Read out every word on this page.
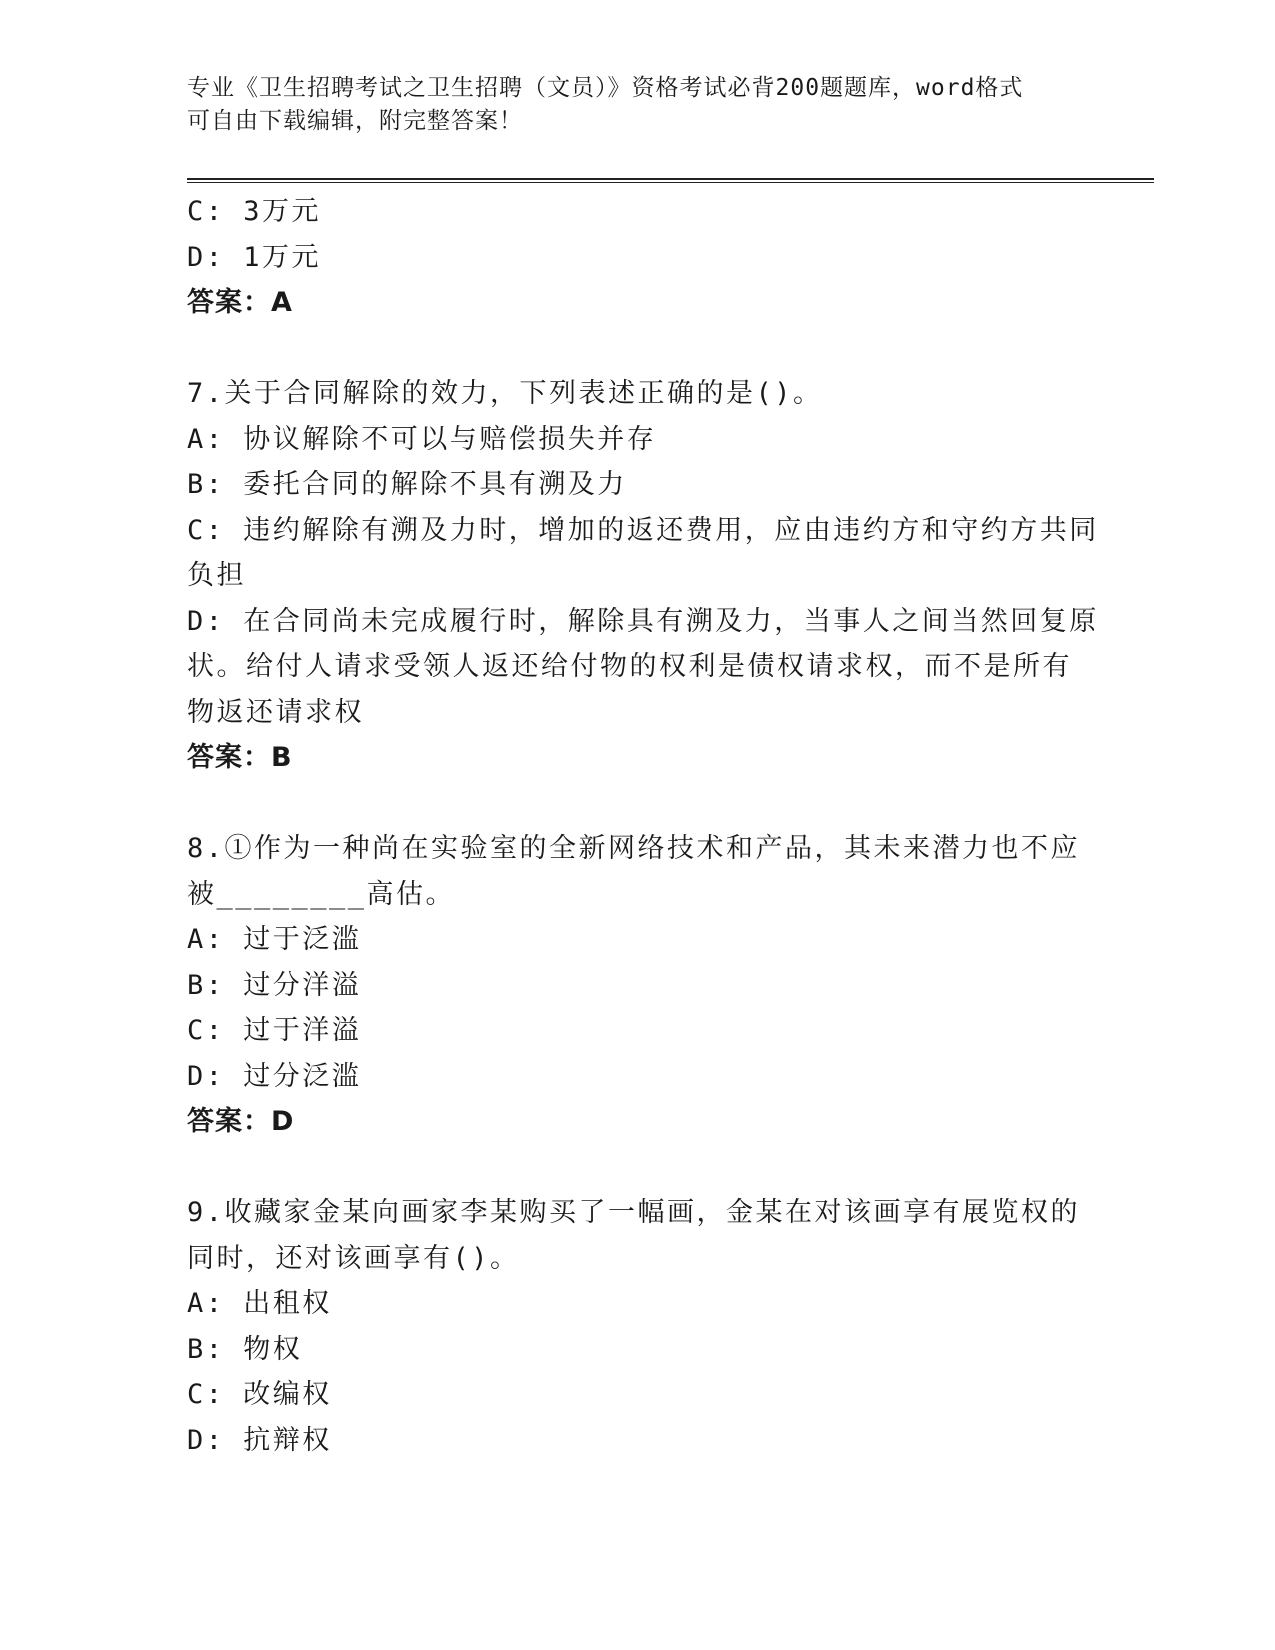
专业《卫生招聘考试之卫生招聘（文员）》资格考试必背200题题库，word格式
可自由下载编辑，附完整答案！
C: 3万元
D: 1万元
答案：A
7.关于合同解除的效力，下列表述正确的是()。
A: 协议解除不可以与赔偿损失并存
B: 委托合同的解除不具有溯及力
C: 违约解除有溯及力时，增加的返还费用，应由违约方和守约方共同
负担
D: 在合同尚未完成履行时，解除具有溯及力，当事人之间当然回复原
状。给付人请求受领人返还给付物的权利是债权请求权，而不是所有
物返还请求权
答案：B
8.①作为一种尚在实验室的全新网络技术和产品，其未来潜力也不应
被________高估。
A: 过于泛滥
B: 过分洋溢
C: 过于洋溢
D: 过分泛滥
答案：D
9.收藏家金某向画家李某购买了一幅画，金某在对该画享有展览权的
同时，还对该画享有()。
A: 出租权
B: 物权
C: 改编权
D: 抗辩权
